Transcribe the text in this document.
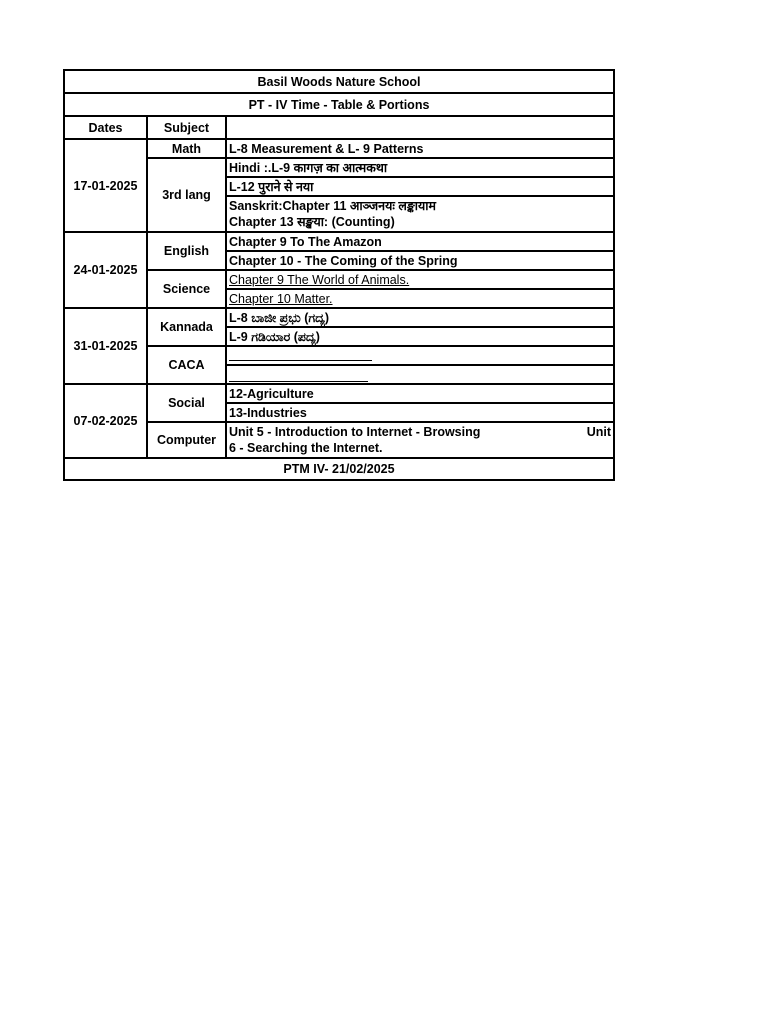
Basil Woods Nature School		
PT - IV Time - Table & Portions		
Dates	Subject	
17-01-2025	Math	L-8 Measurement & L- 9 Patterns
	3rd lang	Hindi :.L-9 कागज़ का आत्मकथा
		L-12 पुराने से नया

		Sanskrit:Chapter 11 आञ्जनयः लङ्कायाम
Chapter 13 सङ्खया: (Counting)

24-01-2025	English	Chapter 9 To The Amazon
		Chapter 10 - The Coming of the Spring
	Science	Chapter 9 The World of Animals.
		Chapter 10 Matter.
31-01-2025	Kannada	L-8 ಬಾಜೀ ಪ್ರಭು (ಗದ್ಯ)
		L-9 ಗಡಿಯಾರ (ಪದ್ಯ)
	CACA	

07-02-2025	Social	12-Agriculture
		13-Industries
	Computer	Unit 5 - Introduction to Internet - Browsing Unit
6 - Searching the Internet.

PTM IV- 21/02/2025		
